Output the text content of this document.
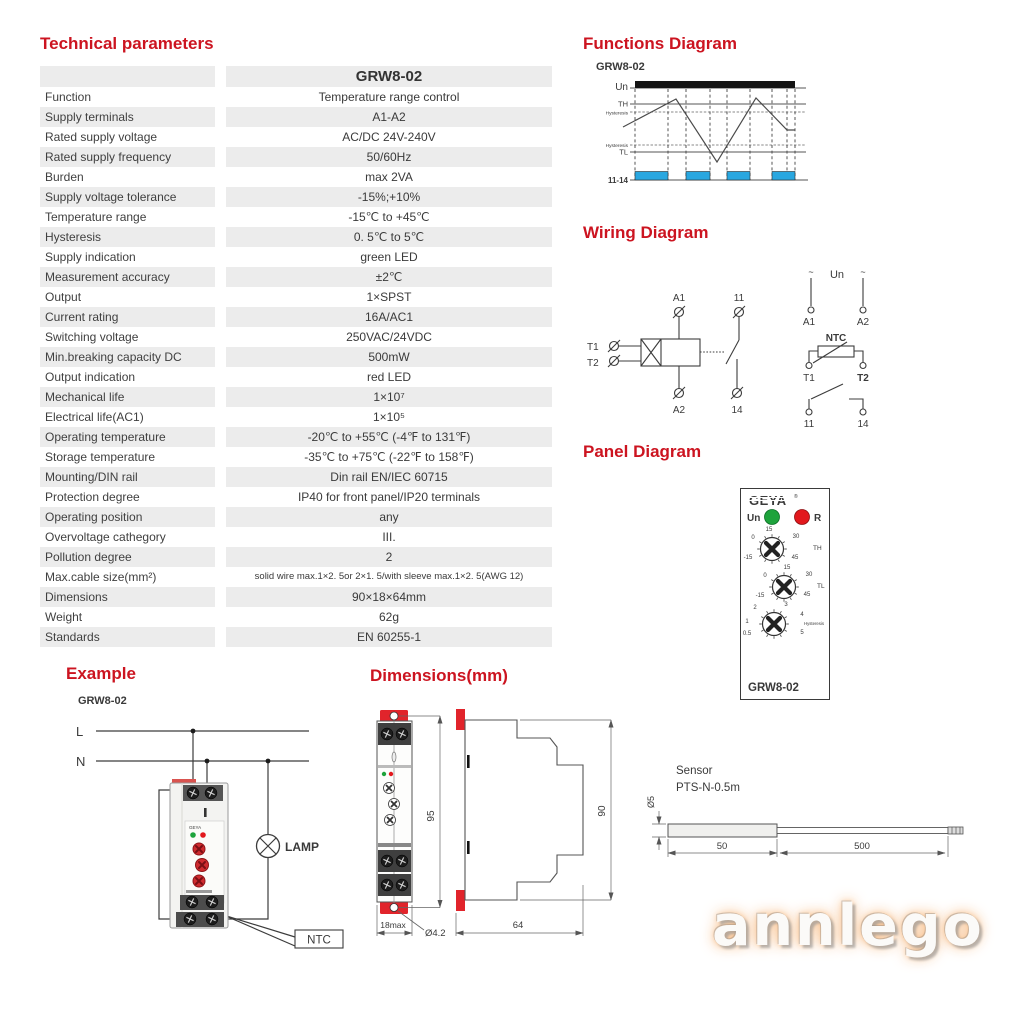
Technical parameters
GRW8-02
Function	Temperature range control
Supply terminals	A1-A2
Rated supply voltage	AC/DC 24V-240V
Rated supply frequency	50/60Hz
Burden	max 2VA
Supply voltage tolerance	-15%;+10%
Temperature range	-15℃ to +45℃
Hysteresis	0. 5℃ to 5℃
Supply indication	green LED
Measurement accuracy	±2℃
Output	1×SPST
Current rating	16A/AC1
Switching voltage	250VAC/24VDC
Min.breaking capacity DC	500mW
Output indication	red LED
Mechanical life	1×10⁷
Electrical life(AC1)	1×10⁵
Operating temperature	-20℃ to +55℃ (-4℉ to 131℉)
Storage temperature	-35℃ to +75℃ (-22℉ to 158℉)
Mounting/DIN rail	Din rail EN/IEC 60715
Protection degree	IP40 for front panel/IP20 terminals
Operating position	any
Overvoltage cathegory	III.
Pollution degree	2
Max.cable size(mm²)	solid wire max.1×2. 5or 2×1. 5/with sleeve max.1×2. 5(AWG 12)
Dimensions	90×18×64mm
Weight	62g
Standards	EN 60255-1
Functions Diagram
GRW8-02
Un
TH
Hysteresis
Hysteresis
TL
11-14
Wiring Diagram
A1	11
T1
T2
A2	14
~ Un ~
A1	A2
NTC
T1	T2
11	14
Panel Diagram
GEYA ®
Un	R
15
0	30
-15	45
TH
15
0	30
-15	45
TL
3
2
4
1
5
0.5
Hysteresis
GRW8-02
Example
GRW8-02
L
N
GEYA
LAMP
NTC
Dimensions(mm)
95
18max
Ø4.2
90
64
Sensor
PTS-N-0.5m
Ø5
50	500
annlego
